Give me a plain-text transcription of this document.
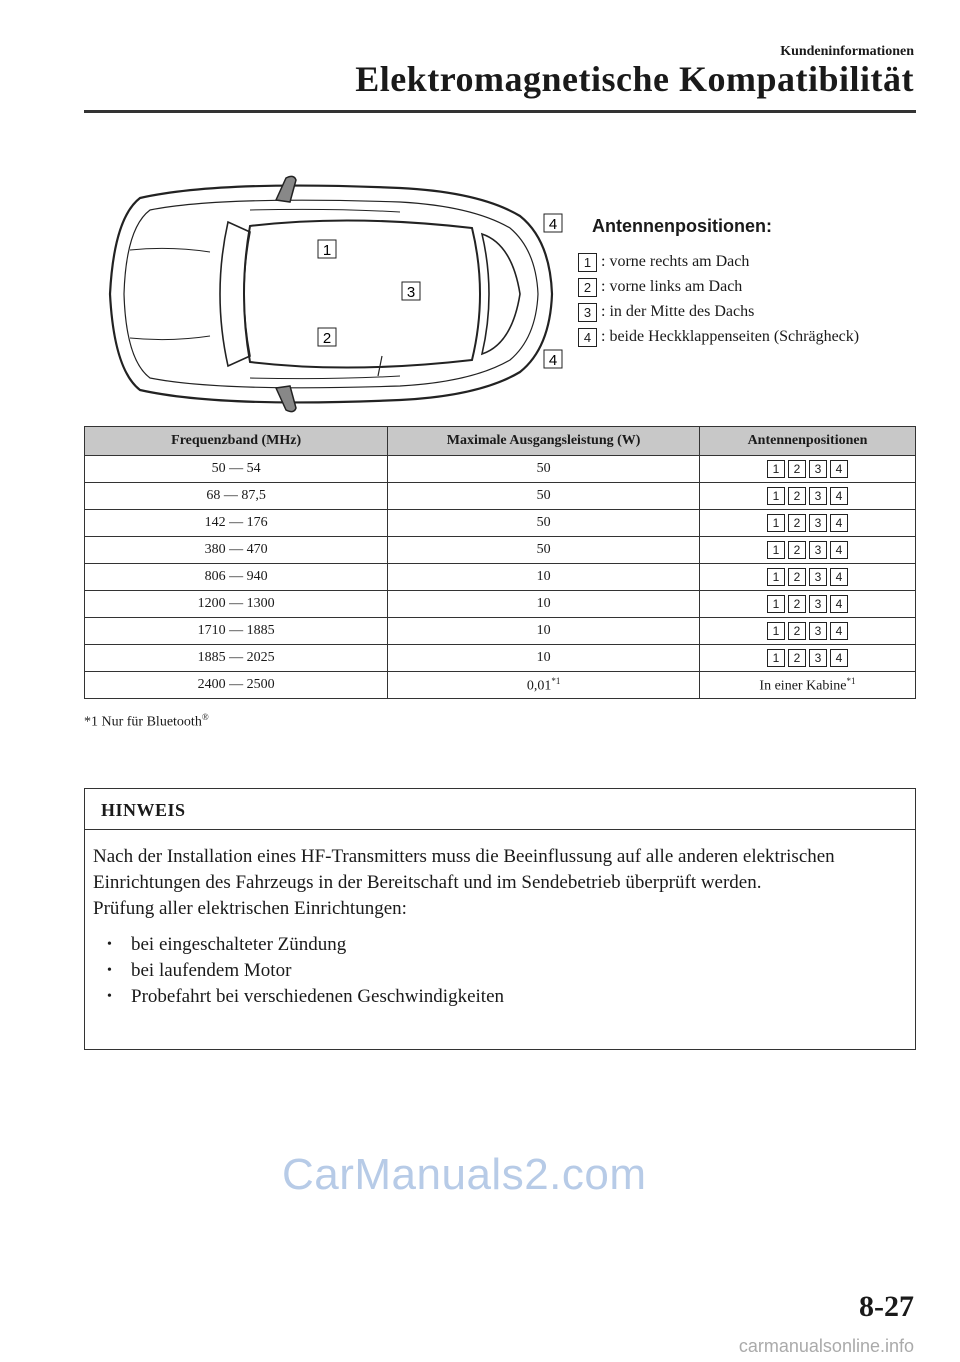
Kundeninformationen
Elektromagnetische Kompatibilität
1
2
3
4
4
Antennenpositionen:
1 : vorne rechts am Dach
2 : vorne links am Dach
3 : in der Mitte des Dachs
4 : beide Heckklappenseiten (Schrägheck)
Frequenzband (MHz)	Maximale Ausgangsleistung (W)	Antennenpositionen
50 — 54	50	1 2 3 4

68 — 87,5	50	1 2 3 4

142 — 176	50	1 2 3 4

380 — 470	50	1 2 3 4

806 — 940	10	1 2 3 4

1200 — 1300	10	1 2 3 4

1710 — 1885	10	1 2 3 4

1885 — 2025	10	1 2 3 4

2400 — 2500	0,01$^{*1}$	In einer Kabine$^{*1}$
*1 Nur für Bluetooth®
HINWEIS

Nach der Installation eines HF-Transmitters muss die Beeinflussung auf alle anderen elektrischen Einrichtungen des Fahrzeugs in der Bereitschaft und im Sendebetrieb überprüft werden.

Prüfung aller elektrischen Einrichtungen:

• bei eingeschalteter Zündung
• bei laufendem Motor
• Probefahrt bei verschiedenen Geschwindigkeiten
CarManuals2.com
8-27
carmanualsonline.info
